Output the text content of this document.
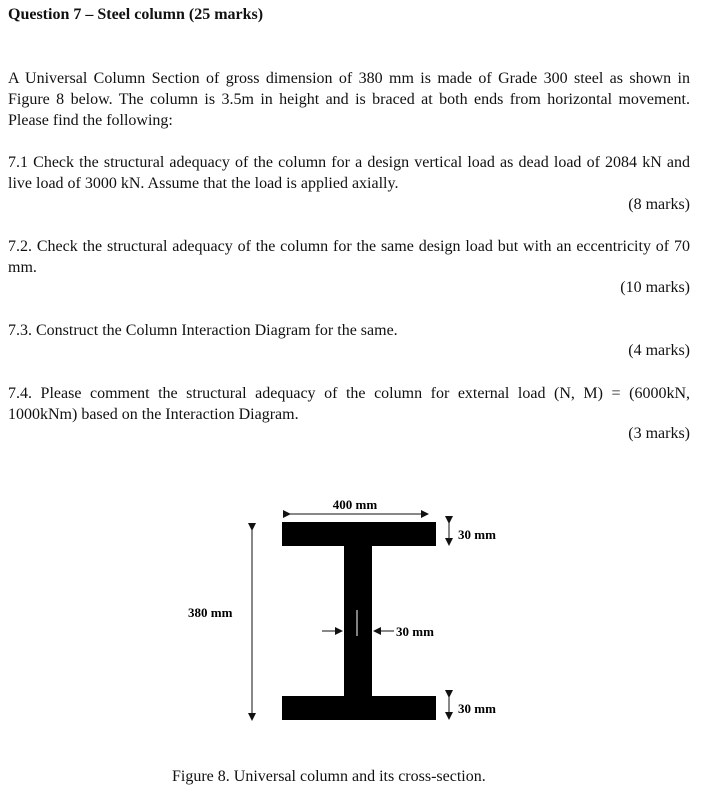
Question 7 – Steel column (25 marks)
A Universal Column Section of gross dimension of 380 mm is made of Grade 300 steel as shown in Figure 8 below. The column is 3.5m in height and is braced at both ends from horizontal movement. Please find the following:
7.1 Check the structural adequacy of the column for a design vertical load as dead load of 2084 kN and live load of 3000 kN. Assume that the load is applied axially.
(8 marks)
7.2. Check the structural adequacy of the column for the same design load but with an eccentricity of 70 mm.
(10 marks)
7.3. Construct the Column Interaction Diagram for the same.
(4 marks)
7.4. Please comment the structural adequacy of the column for external load (N, M) = (6000kN, 1000kNm) based on the Interaction Diagram.
(3 marks)
400 mm
380 mm
30 mm
30 mm
30 mm
Figure 8. Universal column and its cross-section.
